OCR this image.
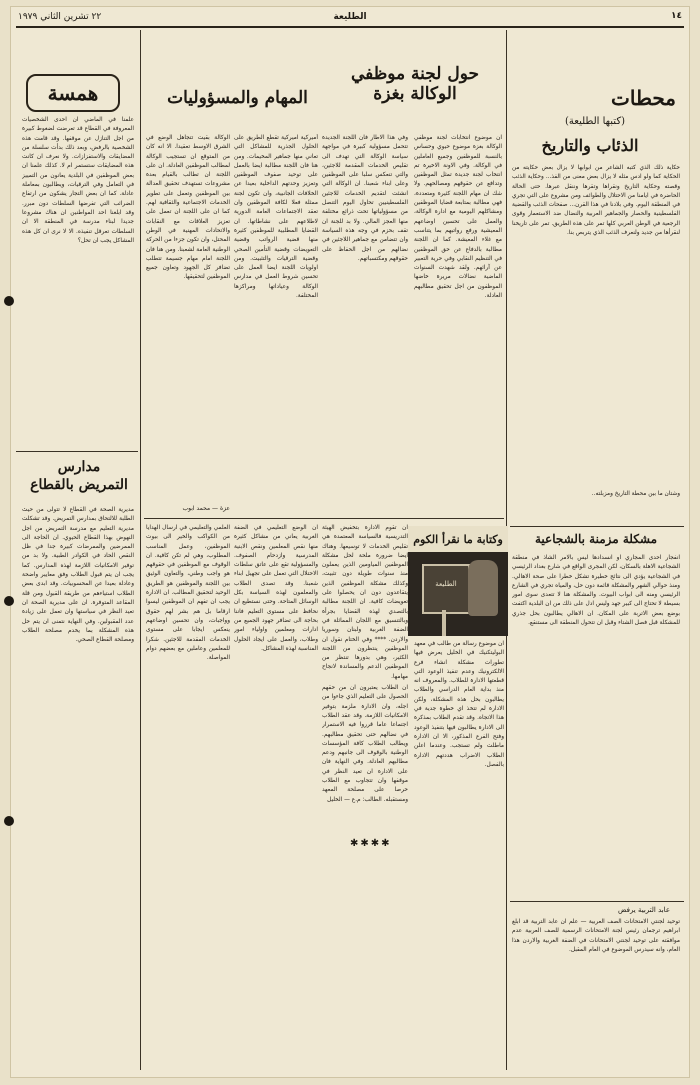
٢٢ تشرين الثاني ١٩٧٩	الطليعة	١٤
محطات
(كتبها الطليعة)
الذئاب والتاريخ

حكاية ذلك الذي كتبه الشاعر من ابوابها لا يزال بعض حكايته من الحكاية كما ولو ادس مثله لا يزال بعض معنى من الفذ... وحكاية الذئب وقصته وحكاية التاريخ ونقراها وتقرها وننقل عبرها. حتى الحالة الحاضرة في ايامنا من الاحتلال والطوائف ومن مشروع على التي تجري في المنطقة اليوم. وفي بلادنا في هذا القرن... صفحات الذئب والقضية الفلسطينية والحصار والجماهير العربية والنضال ضد الاستعمار وقوى الرجعية في الوطن العربي كلها تمر على هذه الطريق. تمر على تاريخنا لنقرأها من جديد ولنعرف الذئب الذي يتربص بنا.

وشتان ما بين محطة التاريخ ومزبلته..

مشكلة مزمنة بالشجاعية

انفجار احدى المجاري او انسدادها ليس بالامر الشاذ في منطقة الشجاعية الاهلة بالسكان، لكن المجرى الواقع في شارع بغداد الرئيسي في الشجاعية يؤدي الى نتائج خطيرة تشكل خطرا على صحة الاهالي. ومنذ حوالي الشهر والمشكلة قائمة دون حل، والمياه تجري في الشارع الرئيسي ومنه الى ابواب البيوت. والمشكلة هنا لا تتعدى سوى امور بسيطة لا تحتاج الى كبير جهد وليس ادل على ذلك من ان البلدية اكتفت بوضع بعض الاتربة على المكان. ان الاهالي يطالبون بحل جذري للمشكلة قبل فصل الشتاء وقبل ان تتحول المنطقة الى مستنقع.

عابد التربية يرفض

توحيد لجنتي الامتحانات الصف العربية — علم ان عابد التربية قد ابلغ ابراهيم ترجمان رئيس لجنة الامتحانات الرسمية للصف العربية عدم موافقته على توحيد لجنتي الامتحانات في الضفة الغربية والاردن هذا العام، وانه سيدرس الموضوع في العام المقبل.

حول لجنة موظفي
الوكالة بغزة
المهام والمسؤوليات

ان موضوع انتخابات لجنة موظفي الوكالة بغزة موضوع حيوي وحساس بالنسبة للموظفين وجميع العاملين في الوكالة. وفي الاونة الاخيرة تم انتخاب لجنة جديدة تمثل الموظفين وتدافع عن حقوقهم ومصالحهم. ولا شك ان مهام اللجنة كثيرة ومتعددة، فهي مطالبة بمتابعة قضايا الموظفين ومشاكلهم اليومية مع ادارة الوكالة، والعمل على تحسين اوضاعهم المعيشية ورفع رواتبهم بما يتناسب مع غلاء المعيشة. كما ان اللجنة مطالبة بالدفاع عن حق الموظفين في التنظيم النقابي وفي حرية التعبير عن آرائهم. ولقد شهدت السنوات الماضية نضالات مريرة خاضها الموظفون من اجل تحقيق مطالبهم العادلة.

وفي هذا الاطار فان اللجنة الجديدة تتحمل مسؤولية كبيرة في مواجهة سياسة الوكالة التي تهدف الى تقليص الخدمات المقدمة للاجئين، والتي تنعكس سلبا على الموظفين وعلى ابناء شعبنا. ان الوكالة التي انشئت لتقديم الخدمات للاجئين الفلسطينيين تحاول اليوم التنصل من مسؤولياتها تحت ذرائع مختلفة منها العجز المالي. ولا بد للجنة ان تقف بحزم في وجه هذه السياسة وان تتضامن مع جماهير اللاجئين في نضالهم من اجل الحفاظ على حقوقهم ومكتسباتهم.

أميركية اميركية تقطع الطريق على الحلول الجذرية للمشاكل التي تعاني منها جماهير المخيمات. ومن هنا فان اللجنة مطالبة ايضا بالعمل على توحيد صفوف الموظفين وتعزيز وحدتهم الداخلية بعيدا عن الخلافات الجانبية، وان تكون لجنة ممثلة فعلا لكافة الموظفين وان تعقد الاجتماعات العامة الدورية لاطلاعهم على نشاطاتها. ان القضايا المطلبية للموظفين كثيرة منها قضية الرواتب وقضية التعويضات وقضية التأمين الصحي وقضية الترقيات والتثبيت. ومن اولويات اللجنة ايضا العمل على تحسين شروط العمل في مدارس الوكالة وعياداتها ومراكزها المختلفة.

الوكالة بقيت تتجاهل الوضع في الشرق الاوسط تعقيدا. الا انه كان من المتوقع ان تستجيب الوكالة لمطالب الموظفين العادلة. ان على اللجنة ان تطالب بالقيام بعدة مشروعات تستهدف تحقيق العدالة بين الموظفين وتعمل على تطوير الخدمات الاجتماعية والثقافية لهم. كما ان على اللجنة ان تعمل على تعزيز العلاقات مع النقابات والاتحادات المهنية في الوطن المحتل، وان تكون جزءا من الحركة الوطنية العامة لشعبنا. ومن هنا فان اللجنة امام مهام جسيمة تتطلب تضافر كل الجهود وتعاون جميع الموظفين لتحقيقها.

عزة — محمد ابوب

وكتابة ما نقرأ الكوم
الطليعة

ان موضوع رسالة من طالب في معهد البوليتكنيك في الخليل يعرض فيها تطورات مشكلة انشاء فرع الالكترونيك وعدم تنفيذ الوعود التي قطعتها الادارة للطلاب. والمعروف انه منذ بداية العام الدراسي والطلاب يطالبون بحل هذه المشكلة، ولكن الادارة لم تتخذ اي خطوة جدية في هذا الاتجاه. وقد تقدم الطلاب بمذكرة الى الادارة يطالبون فيها بتنفيذ الوعود وفتح الفرع المذكور، الا ان الادارة ماطلت ولم تستجب. وعندما اعلن الطلاب الاضراب هددتهم الادارة بالفصل.

ان تقوم الادارة بتخفيض الهيئة التدريسية فالسياسة المعتمدة هي تقليص الخدمات لا توسيعها. وهناك ايضا ضرورة ملحة لحل مشكلة الموظفين المياومين الذين يعملون منذ سنوات طويلة دون تثبيت، وكذلك مشكلة الموظفين الذين يتقاعدون دون ان يحصلوا على تعويضات كافية. ان اللجنة مطالبة بالتصدي لهذه القضايا بجرأة وبالتنسيق مع اللجان المماثلة في الضفة الغربية ولبنان وسوريا والاردن. **** وفي الختام نقول ان الموظفين ينتظرون من اللجنة الكثير، وهي بدورها تنتظر من الموظفين الدعم والمساندة لانجاح مهامها.

ان الطلاب يعتبرون ان من حقهم الحصول على التعليم الذي جاءوا من اجله، وان الادارة ملزمة بتوفير الامكانيات اللازمة. وقد عقد الطلاب اجتماعا عاما قرروا فيه الاستمرار في نضالهم حتى تحقيق مطالبهم. ويطالب الطلاب كافة المؤسسات الوطنية بالوقوف الى جانبهم ودعم مطالبهم العادلة. وفي النهاية فان على الادارة ان تعيد النظر في موقفها وان تتجاوب مع الطلاب حرصا على مصلحة المعهد ومستقبله. الطالب: م.ع — الخليل

ان الوضع التعليمي في الضفة الغربية يعاني من مشاكل كثيرة منها نقص المعلمين ونقص الابنية المدرسية وازدحام الصفوف. والمسؤولية تقع على عاتق سلطات الاحتلال التي تعمل على تجهيل ابناء شعبنا. وقد تصدى الطلاب والمعلمون لهذه السياسة بكل الوسائل المتاحة. وحتى نستطيع ان نحافظ على مستوى التعليم فاننا بحاجة الى تضافر جهود الجميع من ادارات ومعلمين واولياء امور وطلاب، والعمل على ايجاد الحلول المناسبة لهذه المشاكل.

العلمي والتعليمي في ارسال الهدايا من الكواكب والخير الى بيوت الموظفين، وعمل المناسب المطلوب، وهي لم تكن كافية. ان الوقوف مع الموظفين في حقوقهم هو واجب وطني، والتعاون الوثيق بين اللجنة والموظفين هو الطريق الوحيد لتحقيق المطالب. ان الادارة يجب ان تفهم ان الموظفين ليسوا ارقاما بل هم بشر لهم حقوق وواجبات، وان تحسين اوضاعهم ينعكس ايجابا على مستوى الخدمات المقدمة للاجئين. شكرا للمعلمين وعاملين مع بعضهم دوام المواصلة.

✱✱✱✱
همسة

علمنا في الماضي ان احدى الشخصيات المعروفة في القطاع قد تعرضت لضغوط كبيرة من اجل التنازل عن موقفها. وقد قامت هذه الشخصية بالرفض، وبعد ذلك بدأت سلسلة من المضايقات والاستفزازات. ولا نعرف ان كانت هذه المضايقات ستستمر ام لا. كذلك علمنا ان بعض الموظفين في البلدية يعانون من التمييز في التعامل وفي الترقيات، ويطالبون بمعاملة عادلة. كما ان بعض التجار يشكون من ارتفاع الضرائب التي تفرضها السلطات دون مبرر. وقد ابلغنا احد المواطنين ان هناك مشروعا جديدا لبناء مدرسة في المنطقة الا ان السلطات تعرقل تنفيذه. الا لا نرى ان كل هذه المشاكل يجب ان تحل؟

مدارس
التمريض بالقطاع

مديرية الصحة في القطاع لا تتولى من حيث الطلبة للالتحاق بمدارس التمريض. وقد تشكلت مديرية التعليم مع مدرسة التمريض من اجل النهوض بهذا القطاع الحيوي. ان الحاجة الى الممرضين والممرضات كبيرة جدا في ظل النقص الحاد في الكوادر الطبية. ولا بد من توفير الامكانيات اللازمة لهذه المدارس. كما يجب ان يتم قبول الطلاب وفق معايير واضحة وعادلة بعيدا عن المحسوبيات. وقد ابدى بعض الطلاب استياءهم من طريقة القبول ومن قلة المقاعد المتوفرة. ان على مديرية الصحة ان تعيد النظر في سياستها وان تعمل على زيادة عدد المقبولين. وفي النهاية نتمنى ان يتم حل هذه المشكلة بما يخدم مصلحة الطلاب ومصلحة القطاع الصحي.
